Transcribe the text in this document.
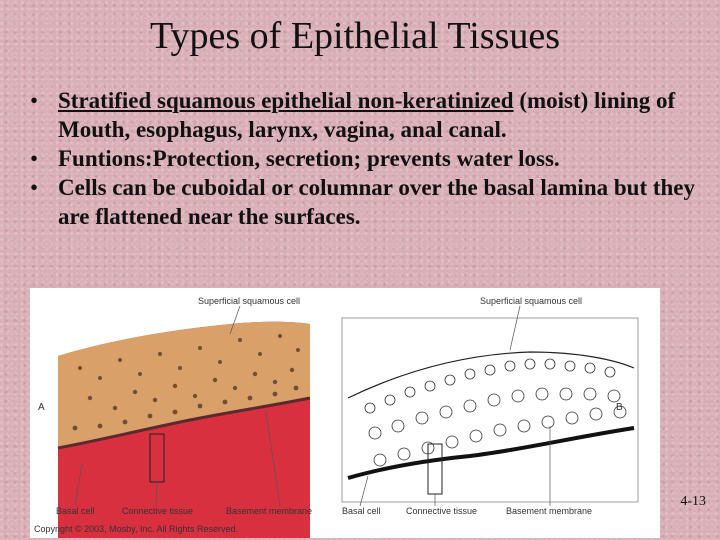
Types of Epithelial Tissues
• Stratified squamous epithelial non-keratinized (moist) lining of Mouth, esophagus, larynx, vagina, anal canal.
• Funtions:Protection, secretion; prevents water loss.
• Cells can be cuboidal or columnar over the basal lamina but they are flattened near the surfaces.
Superficial squamous cell	Superficial squamous cell
A	B
Basal cell	Connective tissue	Basement membrane	Basal cell	Connective tissue	Basement membrane
Copyright © 2003, Mosby, Inc. All Rights Reserved.
4-13
